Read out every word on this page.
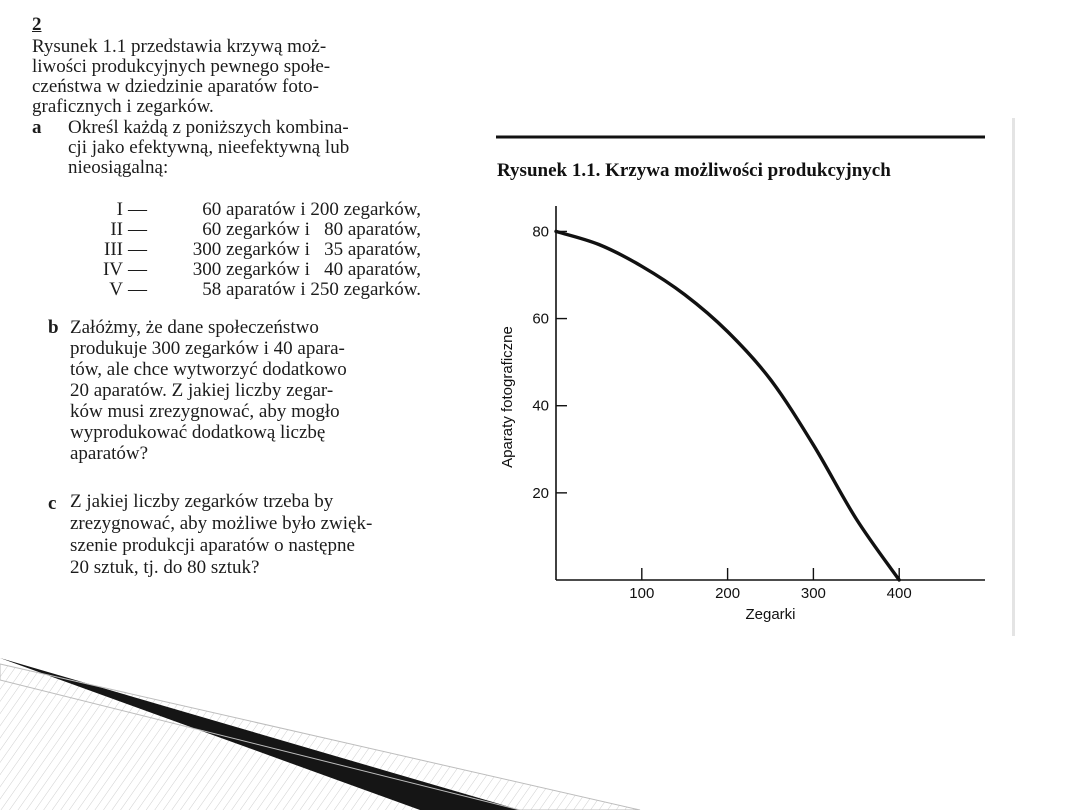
2
Rysunek 1.1 przedstawia krzywą moż-
liwości produkcyjnych pewnego społe-
czeństwa w dziedzinie aparatów foto-
graficznych i zegarków.
a Określ każdą z poniższych kombina-
cji jako efektywną, nieefektywną lub
nieosiągalną:
I —	60 aparatów i 200 zegarków,
II —	60 zegarków i   80 aparatów,
III —	300 zegarków i   35 aparatów,
IV —	300 zegarków i   40 aparatów,
V —	58 aparatów i 250 zegarków.
b Załóżmy, że dane społeczeństwo
produkuje 300 zegarków i 40 apara-
tów, ale chce wytworzyć dodatkowo
20 aparatów. Z jakiej liczby zegar-
ków musi zrezygnować, aby mogło
wyprodukować dodatkową liczbę
aparatów?
c Z jakiej liczby zegarków trzeba by
zrezygnować, aby możliwe było zwięk-
szenie produkcji aparatów o następne
20 sztuk, tj. do 80 sztuk?
Rysunek 1.1. Krzywa możliwości produkcyjnych
100	200	300	400
20
40
60
80
Zegarki
Aparaty fotograficzne
